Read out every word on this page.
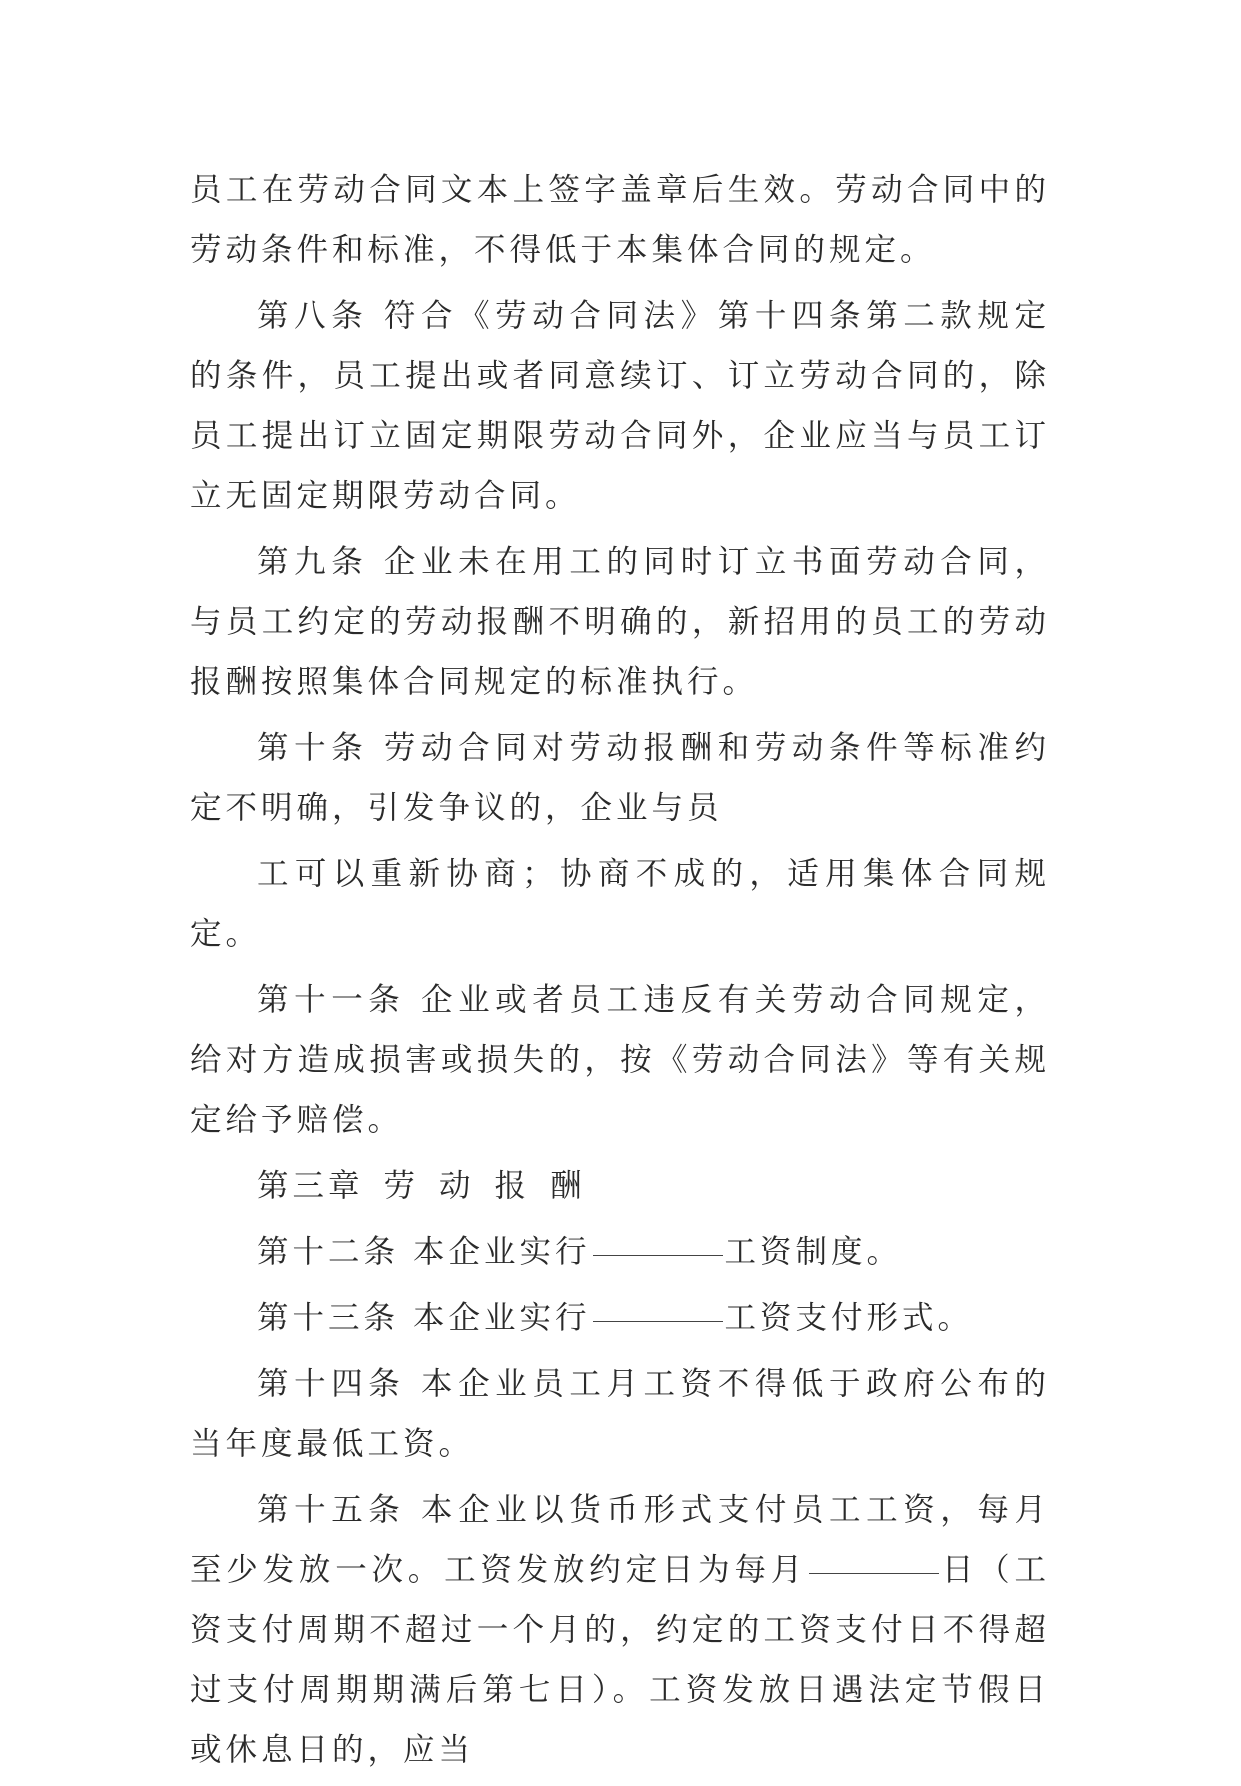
员工在劳动合同文本上签字盖章后生效。劳动合同中的劳动条件和标准，不得低于本集体合同的规定。

第八条 符合《劳动合同法》第十四条第二款规定的条件，员工提出或者同意续订、订立劳动合同的，除员工提出订立固定期限劳动合同外，企业应当与员工订立无固定期限劳动合同。

第九条 企业未在用工的同时订立书面劳动合同，与员工约定的劳动报酬不明确的，新招用的员工的劳动报酬按照集体合同规定的标准执行。

第十条 劳动合同对劳动报酬和劳动条件等标准约定不明确，引发争议的，企业与员

工可以重新协商；协商不成的，适用集体合同规定。

第十一条 企业或者员工违反有关劳动合同规定，给对方造成损害或损失的，按《劳动合同法》等有关规定给予赔偿。

第三章 劳 动 报 酬

第十二条 本企业实行	工资制度。

第十三条 本企业实行	工资支付形式。

第十四条 本企业员工月工资不得低于政府公布的当年度最低工资。

第十五条 本企业以货币形式支付员工工资，每月至少发放一次。工资发放约定日为每月	日（工资支付周期不超过一个月的，约定的工资支付日不得超过支付周期期满后第七日）。工资发放日遇法定节假日或休息日的，应当
